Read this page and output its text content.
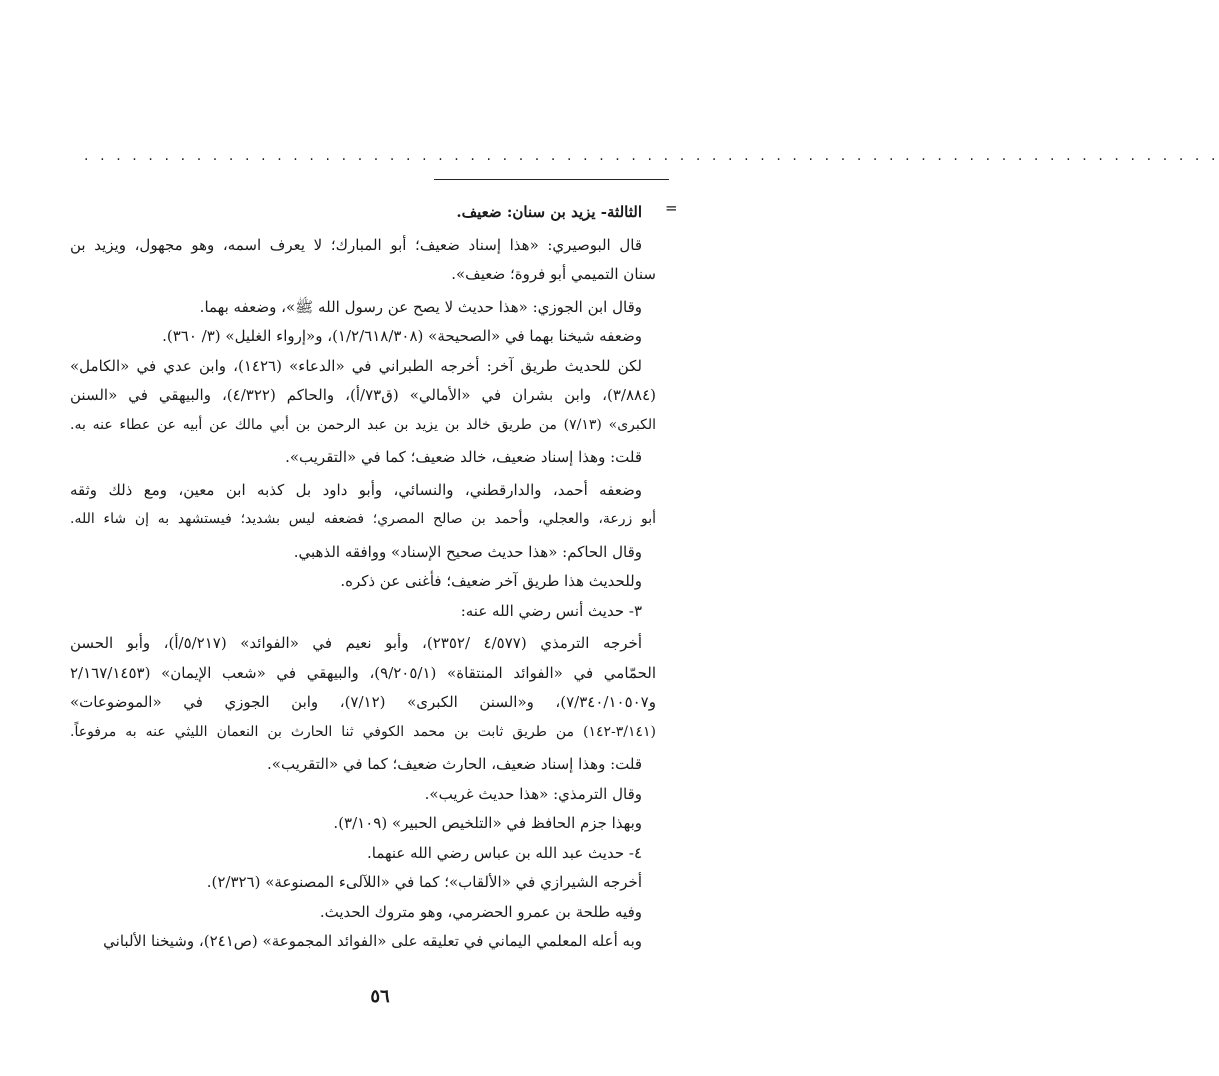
. . . . . . . . . . . . . . . . . . . . . . . . . . . . . . . . . . . . . . . . . . . . . . . . . . . . . . . . . . . . . . . . . . . . . . .
=
الثالثة- يزيد بن سنان: ضعيف.
قال البوصيري: «هذا إسناد ضعيف؛ أبو المبارك؛ لا يعرف اسمه، وهو مجهول، ويزيد بن
سنان التميمي أبو فروة؛ ضعيف».
وقال ابن الجوزي: «هذا حديث لا يصح عن رسول الله ﷺ»، وضعفه بهما.
وضعفه شيخنا بهما في «الصحيحة» (١/٢/٦١٨/٣٠٨)، و«إرواء الغليل» (٣/ ٣٦٠).
لكن للحديث طريق آخر: أخرجه الطبراني في «الدعاء» (١٤٢٦)، وابن عدي في «الكامل»
(٣/٨٨٤)، وابن بشران في «الأمالي» (ق٧٣/أ)، والحاكم (٤/٣٢٢)، والبيهقي في «السنن
الكبرى» (٧/١٣) من طريق خالد بن يزيد بن عبد الرحمن بن أبي مالك عن أبيه عن عطاء عنه به.
قلت: وهذا إسناد ضعيف، خالد ضعيف؛ كما في «التقريب».
وضعفه أحمد، والدارقطني، والنسائي، وأبو داود بل كذبه ابن معين، ومع ذلك وثقه
أبو زرعة، والعجلي، وأحمد بن صالح المصري؛ فضعفه ليس بشديد؛ فيستشهد به إن شاء الله.
وقال الحاكم: «هذا حديث صحيح الإسناد» ووافقه الذهبي.
وللحديث هذا طريق آخر ضعيف؛ فأغنى عن ذكره.
٣- حديث أنس رضي الله عنه:
أخرجه الترمذي (٤/٥٧٧ /٢٣٥٢)، وأبو نعيم في «الفوائد» (٥/٢١٧/أ)، وأبو الحسن
الحمّامي في «الفوائد المنتقاة» (٩/٢٠٥/١)، والبيهقي في «شعب الإيمان» (٢/١٦٧/١٤٥٣
و٧/٣٤٠/١٠٥٠٧)، و«السنن الكبرى» (٧/١٢)، وابن الجوزي في «الموضوعات»
(٣/١٤١-١٤٢) من طريق ثابت بن محمد الكوفي ثنا الحارث بن النعمان الليثي عنه به مرفوعاً.
قلت: وهذا إسناد ضعيف، الحارث ضعيف؛ كما في «التقريب».
وقال الترمذي: «هذا حديث غريب».
وبهذا جزم الحافظ في «التلخيص الحبير» (٣/١٠٩).
٤- حديث عبد الله بن عباس رضي الله عنهما.
أخرجه الشيرازي في «الألقاب»؛ كما في «اللآلىء المصنوعة» (٢/٣٢٦).
وفيه طلحة بن عمرو الحضرمي، وهو متروك الحديث.
وبه أعله المعلمي اليماني في تعليقه على «الفوائد المجموعة» (ص٢٤١)، وشيخنا الألباني
٥٦
